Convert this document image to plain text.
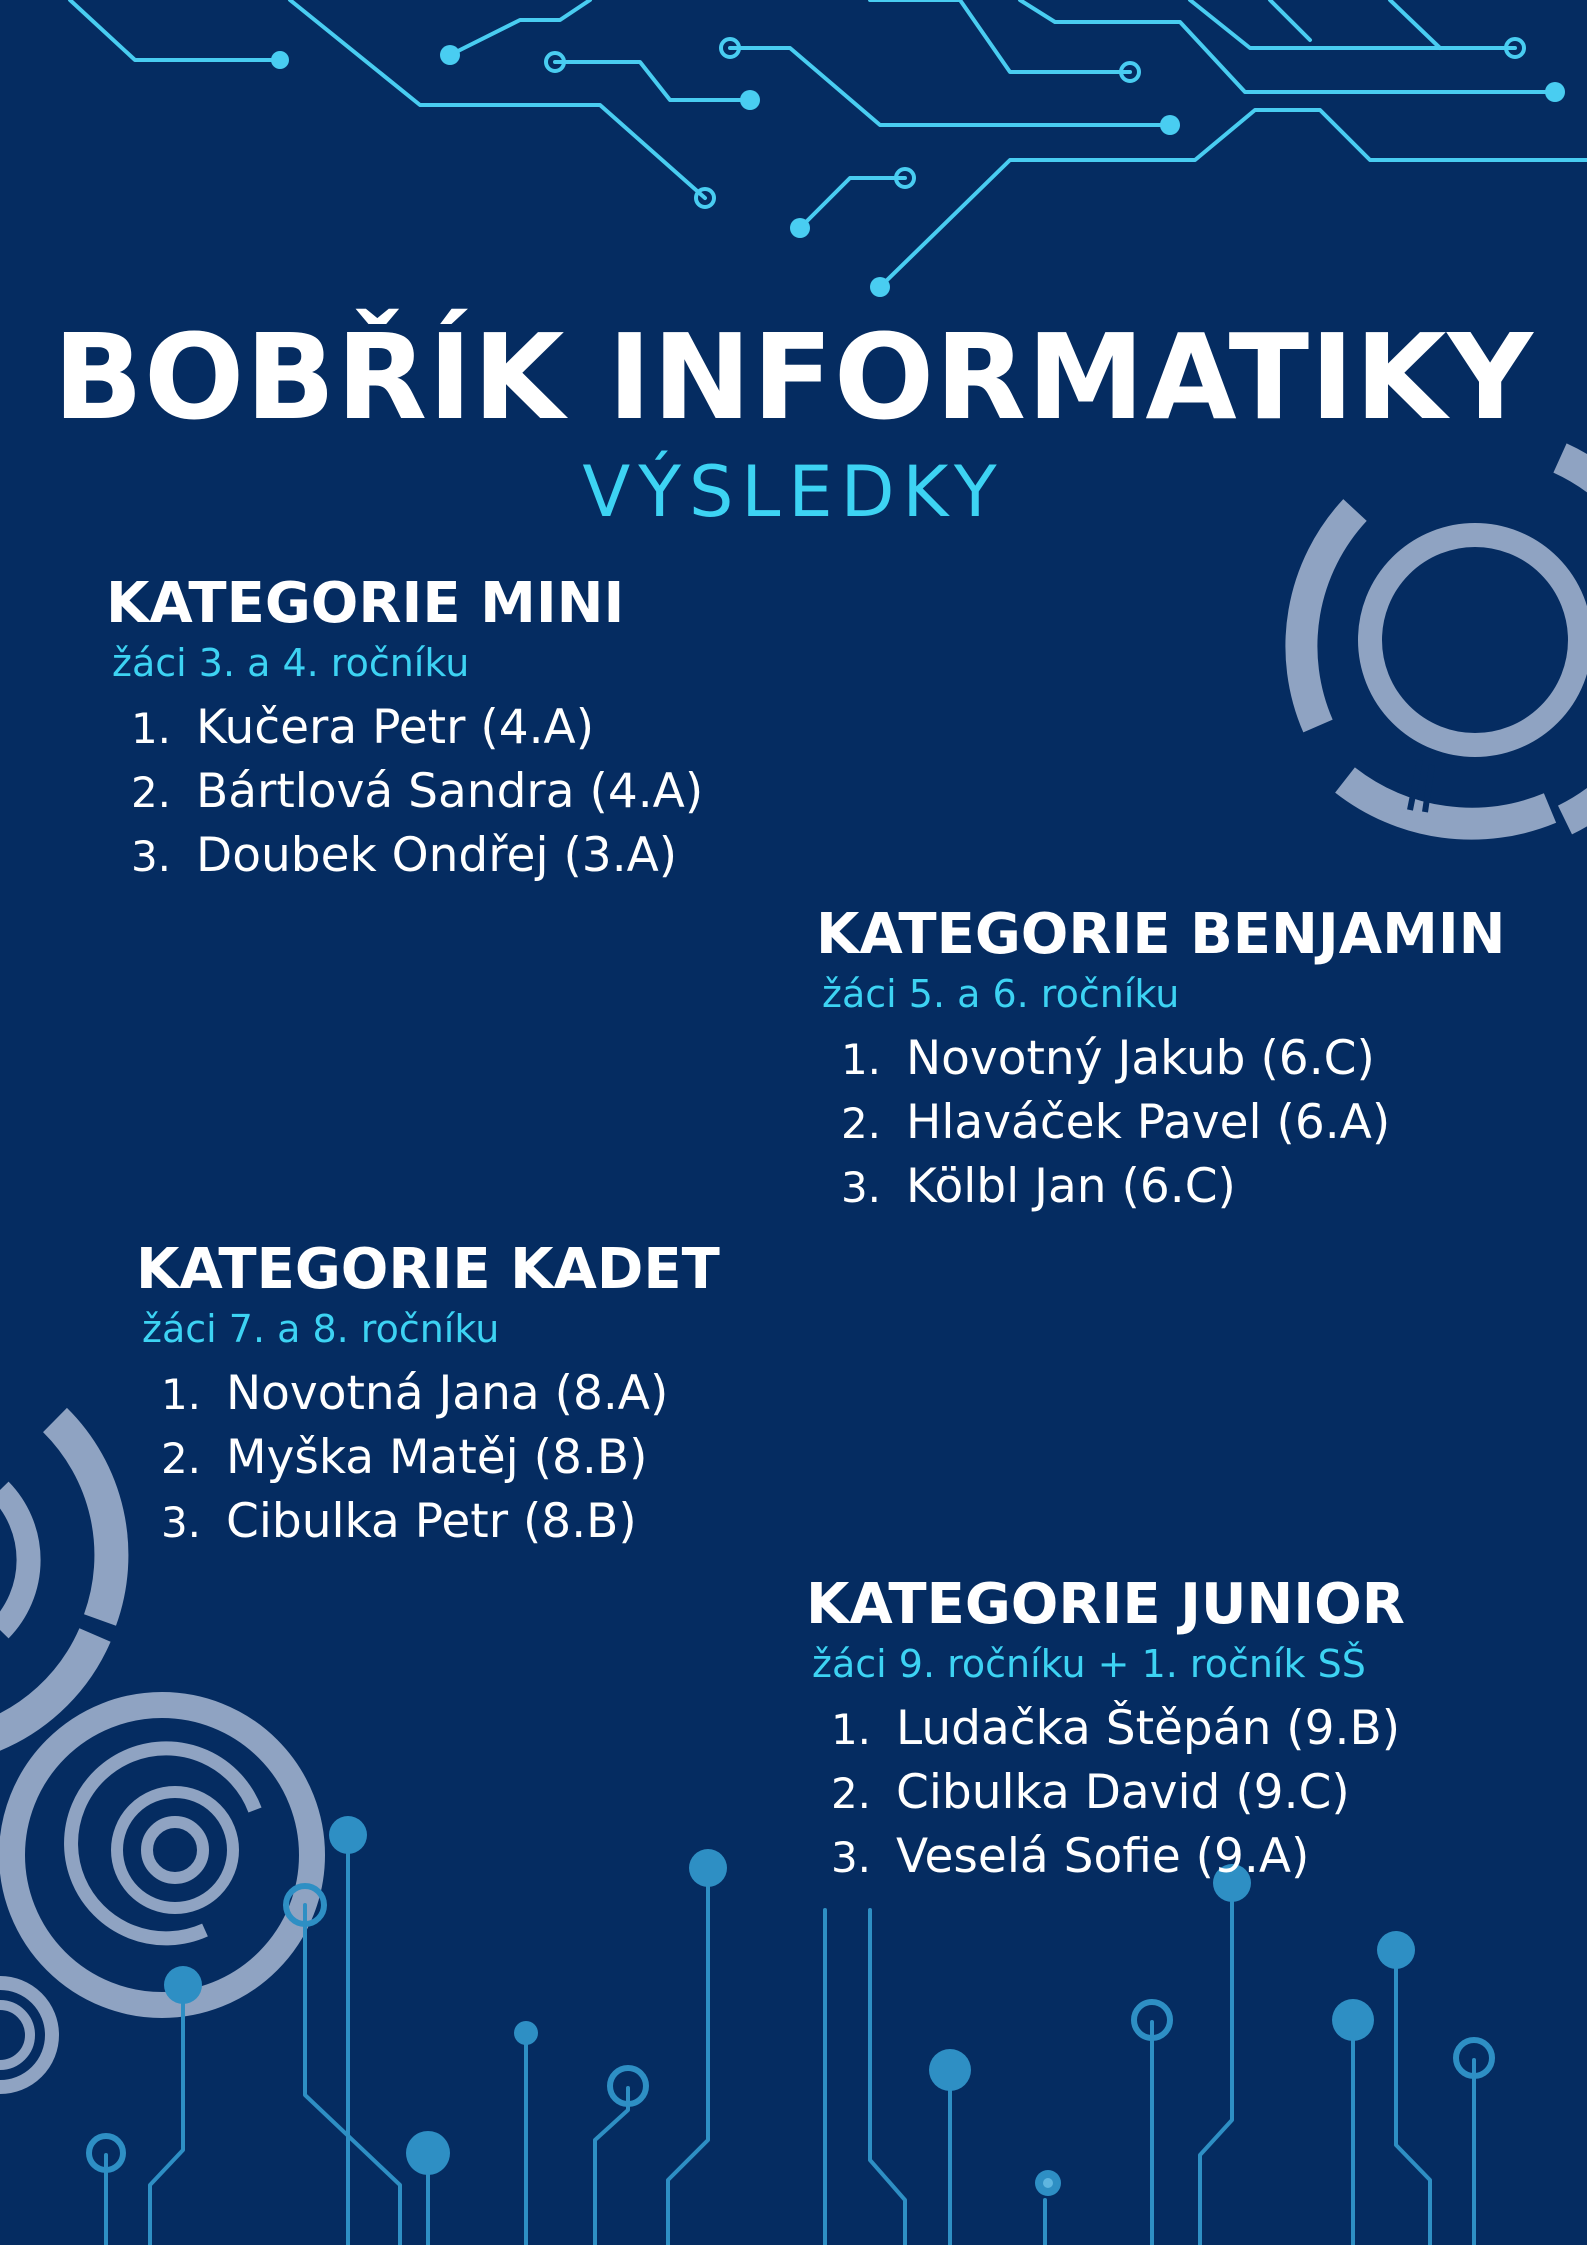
BOBŘÍK INFORMATIKY
VÝSLEDKY
KATEGORIE MINI
žáci 3. a 4. ročníku
1. Kučera Petr (4.A)
2. Bártlová Sandra (4.A)
3. Doubek Ondřej (3.A)
KATEGORIE BENJAMIN
žáci 5. a 6. ročníku
1. Novotný Jakub (6.C)
2. Hlaváček Pavel (6.A)
3. Kölbl Jan (6.C)
KATEGORIE KADET
žáci 7. a 8. ročníku
1. Novotná Jana (8.A)
2. Myška Matěj (8.B)
3. Cibulka Petr (8.B)
KATEGORIE JUNIOR
žáci 9. ročníku + 1. ročník SŠ
1. Ludačka Štěpán (9.B)
2. Cibulka David (9.C)
3. Veselá Sofie (9.A)
